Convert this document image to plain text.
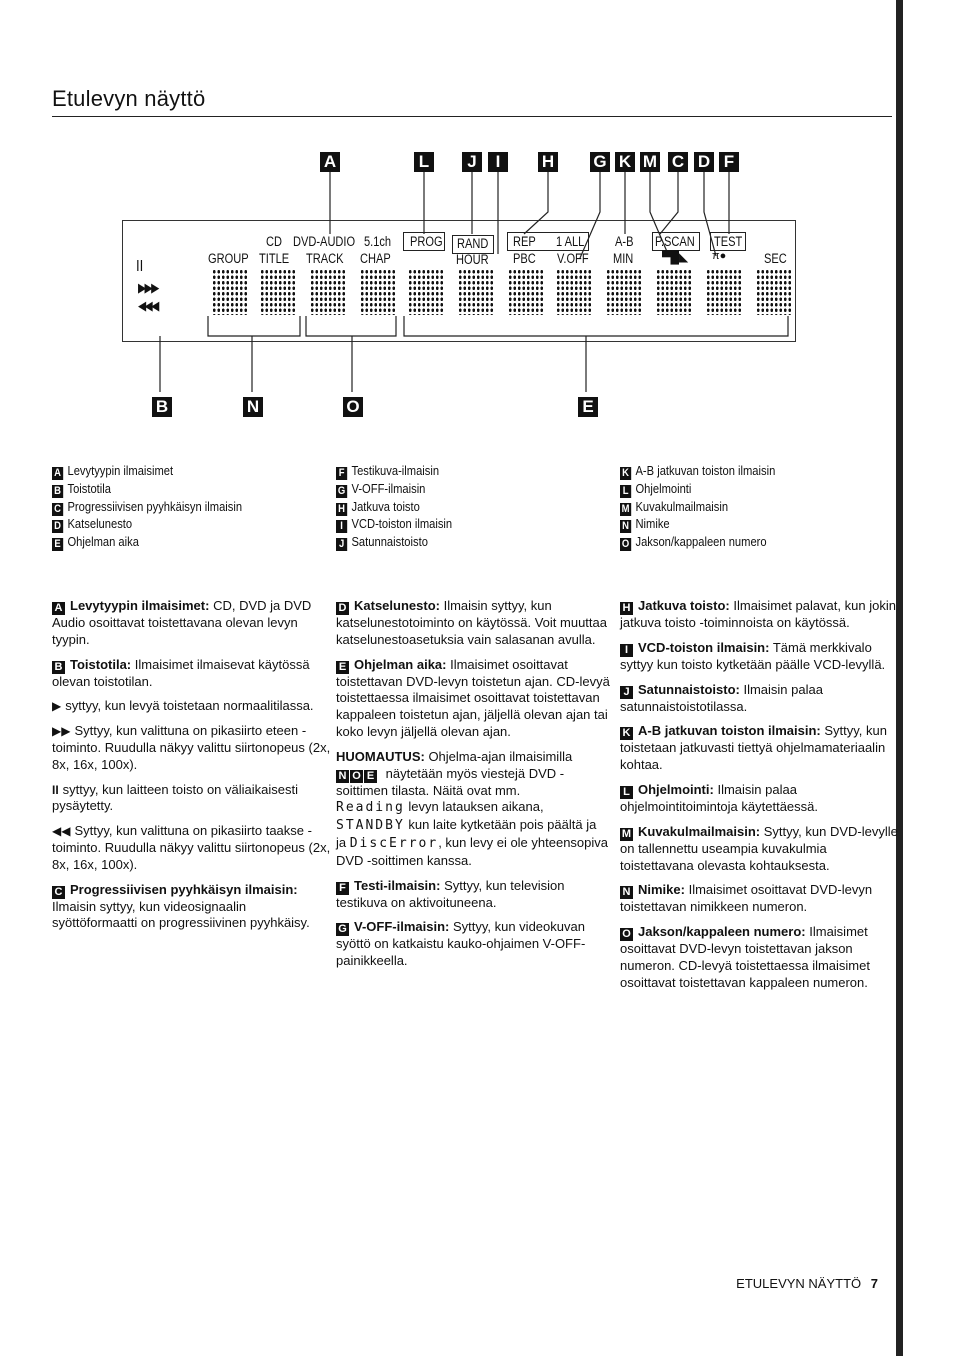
Etulevyn näyttö
A	L	J	I	H G K M C D F
B	N	O	E
II
▶▶▶
◀◀◀
GROUP
CD
TITLE
DVD-AUDIO
TRACK
5.1ch
CHAP
PROG RAND
HOUR
REP
PBC
1 ALL
V.OFF
A-B
MIN
P.SCAN
▀█◣ π●
TEST
SEC
A Levytyypin ilmaisimet
B Toistotila
C Progressiivisen pyyhkäisyn ilmaisin
D Katselunesto
E Ohjelman aika
F Testikuva-ilmaisin
G V-OFF-ilmaisin
H Jatkuva toisto
I VCD-toiston ilmaisin
J Satunnaistoisto
K A-B jatkuvan toiston ilmaisin
L Ohjelmointi
M Kuvakulmailmaisin
N Nimike
O Jakson/kappaleen numero

A Levytyypin ilmaisimet: CD, DVD ja DVD Audio osoittavat toistettavana olevan levyn tyypin.

B Toistotila: Ilmaisimet ilmaisevat käytössä olevan toistotilan.

▶ syttyy, kun levyä toistetaan normaalitilassa.

▶▶ Syttyy, kun valittuna on pikasiirto eteen -toiminto. Ruudulla näkyy valittu siirtonopeus (2x, 8x, 16x, 100x).

II syttyy, kun laitteen toisto on väliaikaisesti pysäytetty.

◀◀ Syttyy, kun valittuna on pikasiirto taakse -toiminto. Ruudulla näkyy valittu siirtonopeus (2x, 8x, 16x, 100x).

C Progressiivisen pyyhkäisyn ilmaisin: Ilmaisin syttyy, kun videosignaalin syöttöformaatti on progressiivinen pyyhkäisy.

D Katselunesto: Ilmaisin syttyy, kun katselunestotoiminto on käytössä. Voit muuttaa katselunestoasetuksia vain salasanan avulla.

E Ohjelman aika: Ilmaisimet osoittavat toistettavan DVD-levyn toistetun ajan. CD-levyä toistettaessa ilmaisimet osoittavat toistettavan kappaleen toistetun ajan, jäljellä olevan ajan tai koko levyn jäljellä olevan ajan.

HUOMAUTUS: Ohjelma-ajan ilmaisimilla
N O E näytetään myös viestejä DVD -soittimen tilasta. Näitä ovat mm.
Reading levyn latauksen aikana,
STANDBY kun laite kytketään pois päältä ja
ja DiscError, kun levy ei ole yhteensopiva DVD -soittimen kanssa.

F Testi-ilmaisin: Syttyy, kun television testikuva on aktivoituneena.

G V-OFF-ilmaisin: Syttyy, kun videokuvan syöttö on katkaistu kauko-ohjaimen V-OFF-painikkeella.

H Jatkuva toisto: Ilmaisimet palavat, kun jokin jatkuva toisto -toiminnoista on käytössä.

I VCD-toiston ilmaisin: Tämä merkkivalo syttyy kun toisto kytketään päälle VCD-levyllä.

J Satunnaistoisto: Ilmaisin palaa satunnaistoistotilassa.

K A-B jatkuvan toiston ilmaisin: Syttyy, kun toistetaan jatkuvasti tiettyä ohjelmamateriaalin kohtaa.

L Ohjelmointi: Ilmaisin palaa ohjelmointitoimintoja käytettäessä.

M Kuvakulmailmaisin: Syttyy, kun DVD-levylle on tallennettu useampia kuvakulmia toistettavana olevasta kohtauksesta.

N Nimike: Ilmaisimet osoittavat DVD-levyn toistettavan nimikkeen numeron.

O Jakson/kappaleen numero: Ilmaisimet osoittavat DVD-levyn toistettavan jakson numeron. CD-levyä toistettaessa ilmaisimet osoittavat toistettavan kappaleen numeron.

ETULEVYN NÄYTTÖ 7
